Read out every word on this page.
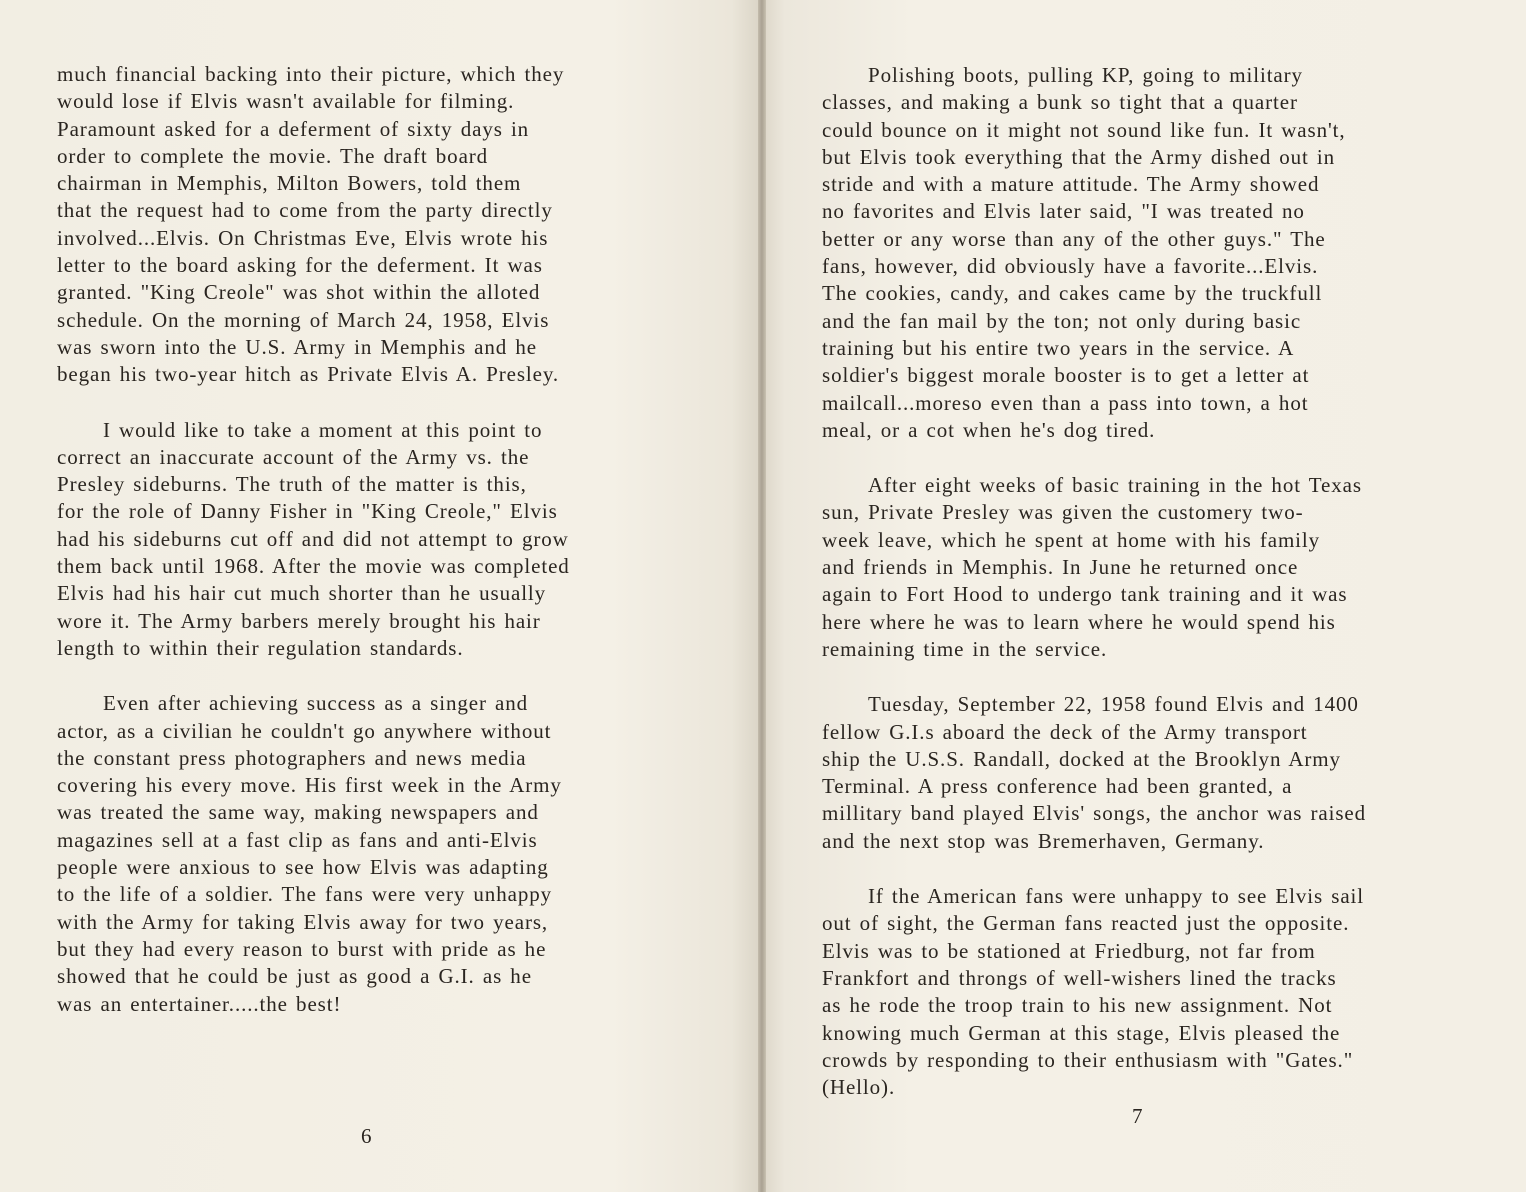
much financial backing into their picture, which they
would lose if Elvis wasn't available for filming.
Paramount asked for a deferment of sixty days in
order to complete the movie. The draft board
chairman in Memphis, Milton Bowers, told them
that the request had to come from the party directly
involved...Elvis. On Christmas Eve, Elvis wrote his
letter to the board asking for the deferment. It was
granted. "King Creole" was shot within the alloted
schedule. On the morning of March 24, 1958, Elvis
was sworn into the U.S. Army in Memphis and he
began his two-year hitch as Private Elvis A. Presley.
I would like to take a moment at this point to
correct an inaccurate account of the Army vs. the
Presley sideburns. The truth of the matter is this,
for the role of Danny Fisher in "King Creole," Elvis
had his sideburns cut off and did not attempt to grow
them back until 1968. After the movie was completed
Elvis had his hair cut much shorter than he usually
wore it. The Army barbers merely brought his hair
length to within their regulation standards.
Even after achieving success as a singer and
actor, as a civilian he couldn't go anywhere without
the constant press photographers and news media
covering his every move. His first week in the Army
was treated the same way, making newspapers and
magazines sell at a fast clip as fans and anti-Elvis
people were anxious to see how Elvis was adapting
to the life of a soldier. The fans were very unhappy
with the Army for taking Elvis away for two years,
but they had every reason to burst with pride as he
showed that he could be just as good a G.I. as he
was an entertainer.....the best!
6
Polishing boots, pulling KP, going to military
classes, and making a bunk so tight that a quarter
could bounce on it might not sound like fun. It wasn't,
but Elvis took everything that the Army dished out in
stride and with a mature attitude. The Army showed
no favorites and Elvis later said, "I was treated no
better or any worse than any of the other guys." The
fans, however, did obviously have a favorite...Elvis.
The cookies, candy, and cakes came by the truckfull
and the fan mail by the ton; not only during basic
training but his entire two years in the service. A
soldier's biggest morale booster is to get a letter at
mailcall...moreso even than a pass into town, a hot
meal, or a cot when he's dog tired.
After eight weeks of basic training in the hot Texas
sun, Private Presley was given the customery two-
week leave, which he spent at home with his family
and friends in Memphis. In June he returned once
again to Fort Hood to undergo tank training and it was
here where he was to learn where he would spend his
remaining time in the service.
Tuesday, September 22, 1958 found Elvis and 1400
fellow G.I.s aboard the deck of the Army transport
ship the U.S.S. Randall, docked at the Brooklyn Army
Terminal. A press conference had been granted, a
millitary band played Elvis' songs, the anchor was raised
and the next stop was Bremerhaven, Germany.
If the American fans were unhappy to see Elvis sail
out of sight, the German fans reacted just the opposite.
Elvis was to be stationed at Friedburg, not far from
Frankfort and throngs of well-wishers lined the tracks
as he rode the troop train to his new assignment. Not
knowing much German at this stage, Elvis pleased the
crowds by responding to their enthusiasm with "Gates."
(Hello).
7
